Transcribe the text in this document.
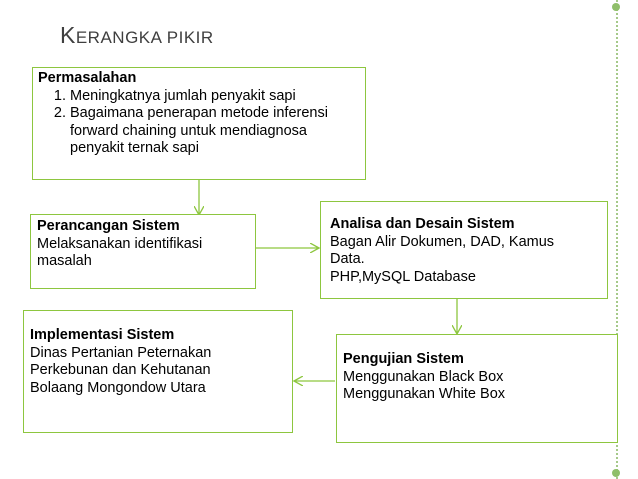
KERANGKA PIKIR
Permasalahan
1. Meningkatnya jumlah penyakit sapi
2. Bagaimana penerapan metode inferensi forward chaining untuk mendiagnosa penyakit ternak sapi
Perancangan Sistem
Melaksanakan identifikasi
masalah
Analisa dan Desain Sistem
Bagan Alir Dokumen, DAD, Kamus
Data.
PHP,MySQL Database
Implementasi Sistem
Dinas Pertanian Peternakan
Perkebunan dan Kehutanan
Bolaang Mongondow Utara
Pengujian Sistem
Menggunakan Black Box
Menggunakan White Box
